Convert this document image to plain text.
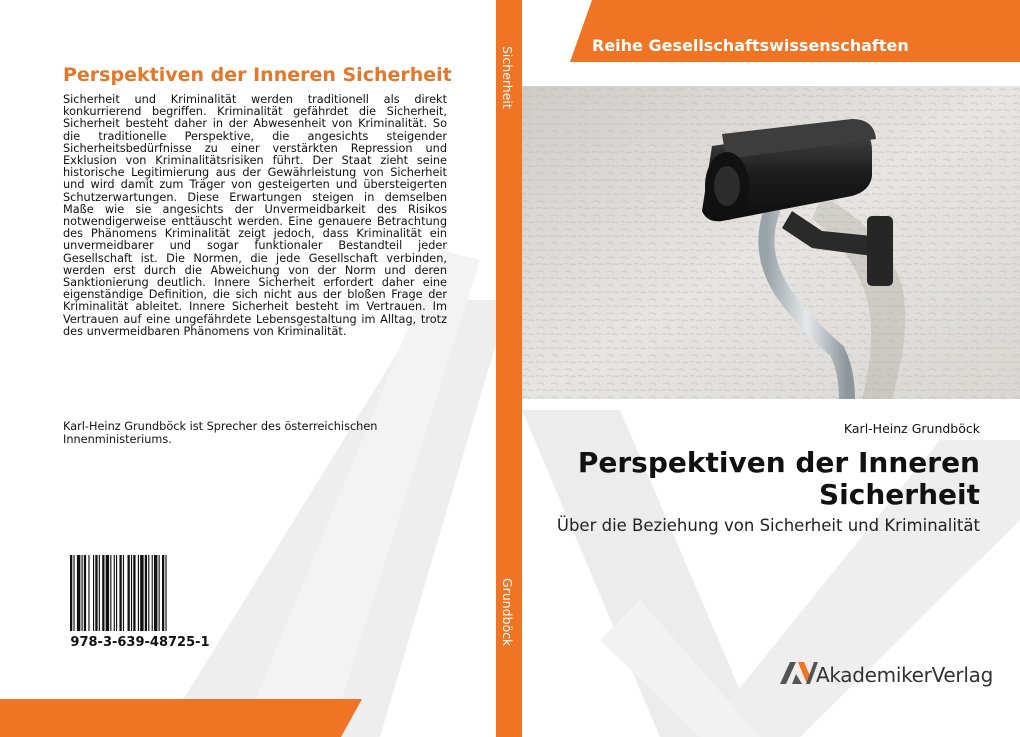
Perspektiven der Inneren Sicherheit
Sicherheit und Kriminalität werden traditionell als direkt konkurrierend begriffen. Kriminalität gefährdet die Sicherheit, Sicherheit besteht daher in der Abwesenheit von Kriminalität. So die traditionelle Perspektive, die angesichts steigender Sicherheitsbedürfnisse zu einer verstärkten Repression und Exklusion von Kriminalitätsrisiken führt. Der Staat zieht seine historische Legitimierung aus der Gewährleistung von Sicherheit und wird damit zum Träger von gesteigerten und übersteigerten Schutzerwartungen. Diese Erwartungen steigen in demselben Maße wie sie angesichts der Unvermeidbarkeit des Risikos notwendigerweise enttäuscht werden. Eine genauere Betrachtung des Phänomens Kriminalität zeigt jedoch, dass Kriminalität ein unvermeidbarer und sogar funktionaler Bestandteil jeder Gesellschaft ist. Die Normen, die jede Gesellschaft verbinden, werden erst durch die Abweichung von der Norm und deren Sanktionierung deutlich. Innere Sicherheit erfordert daher eine eigenständige Definition, die sich nicht aus der bloßen Frage der Kriminalität ableitet. Innere Sicherheit besteht im Vertrauen. Im Vertrauen auf eine ungefährdete Lebensgestaltung im Alltag, trotz des unvermeidbaren Phänomens von Kriminalität.
Karl-Heinz Grundböck ist Sprecher des österreichischen Innenministeriums.
978-3-639-48725-1
Sicherheit
Grundböck
Reihe Gesellschaftswissenschaften
Karl-Heinz Grundböck
Perspektiven der Inneren Sicherheit
Über die Beziehung von Sicherheit und Kriminalität
AkademikerVerlag
